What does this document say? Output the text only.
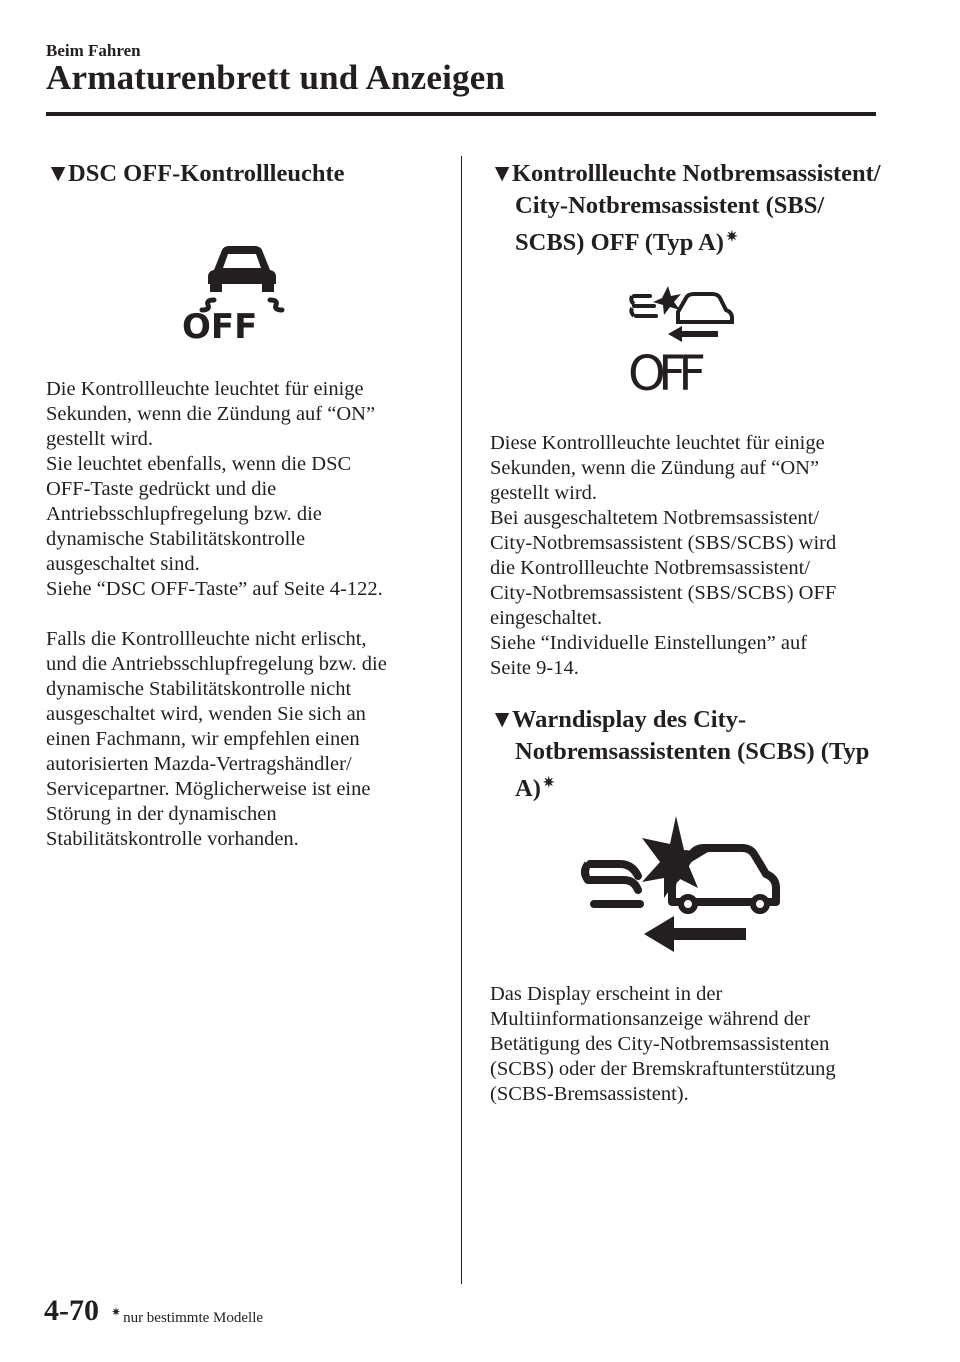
Beim Fahren
Armaturenbrett und Anzeigen
▼DSC OFF-Kontrollleuchte
OFF

Die Kontrollleuchte leuchtet für einige
Sekunden, wenn die Zündung auf “ON”
gestellt wird.
Sie leuchtet ebenfalls, wenn die DSC
OFF-Taste gedrückt und die
Antriebsschlupfregelung bzw. die
dynamische Stabilitätskontrolle
ausgeschaltet sind.
Siehe “DSC OFF-Taste” auf Seite 4-122.

Falls die Kontrollleuchte nicht erlischt,
und die Antriebsschlupfregelung bzw. die
dynamische Stabilitätskontrolle nicht
ausgeschaltet wird, wenden Sie sich an
einen Fachmann, wir empfehlen einen
autorisierten Mazda-Vertragshändler/
Servicepartner. Möglicherweise ist eine
Störung in der dynamischen
Stabilitätskontrolle vorhanden.

▼Kontrollleuchte Notbremsassistent/
City-Notbremsassistent (SBS/
SCBS) OFF (Typ A) ✷
OFF

Diese Kontrollleuchte leuchtet für einige
Sekunden, wenn die Zündung auf “ON”
gestellt wird.
Bei ausgeschaltetem Notbremsassistent/
City-Notbremsassistent (SBS/SCBS) wird
die Kontrollleuchte Notbremsassistent/
City-Notbremsassistent (SBS/SCBS) OFF
eingeschaltet.
Siehe “Individuelle Einstellungen” auf
Seite 9-14.

▼Warndisplay des City-
Notbremsassistenten (SCBS) (Typ
A) ✷

Das Display erscheint in der
Multiinformationsanzeige während der
Betätigung des City-Notbremsassistenten
(SCBS) oder der Bremskraftunterstützung
(SCBS-Bremsassistent).

4-70 ✷ nur bestimmte Modelle
